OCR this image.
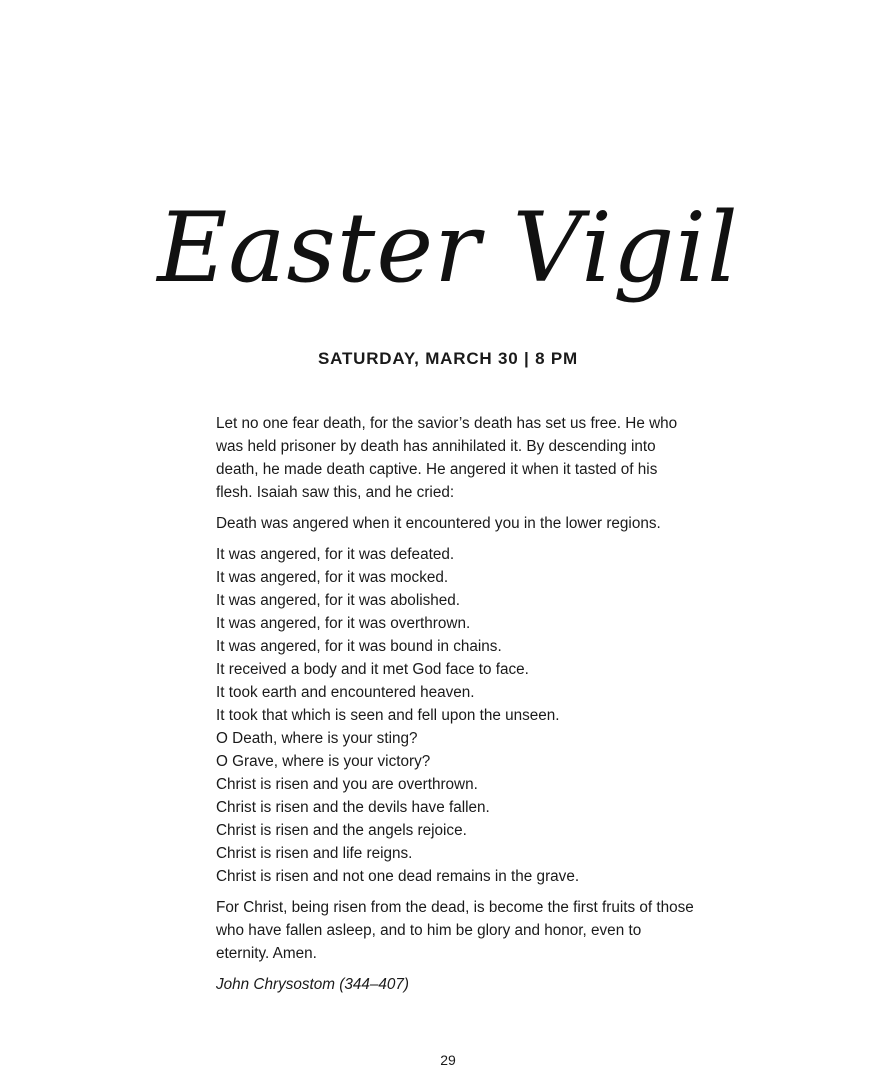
Easter Vigil
SATURDAY, MARCH 30 | 8 PM

Let no one fear death, for the savior’s death has set us free. He who was held prisoner by death has annihilated it. By descending into death, he made death captive. He angered it when it tasted of his flesh. Isaiah saw this, and he cried:

Death was angered when it encountered you in the lower regions.

It was angered, for it was defeated.
It was angered, for it was mocked.
It was angered, for it was abolished.
It was angered, for it was overthrown.
It was angered, for it was bound in chains.
It received a body and it met God face to face.
It took earth and encountered heaven.
It took that which is seen and fell upon the unseen.
O Death, where is your sting?
O Grave, where is your victory?
Christ is risen and you are overthrown.
Christ is risen and the devils have fallen.
Christ is risen and the angels rejoice.
Christ is risen and life reigns.
Christ is risen and not one dead remains in the grave.

For Christ, being risen from the dead, is become the first fruits of those who have fallen asleep, and to him be glory and honor, even to eternity. Amen.

John Chrysostom (344–407)

29
